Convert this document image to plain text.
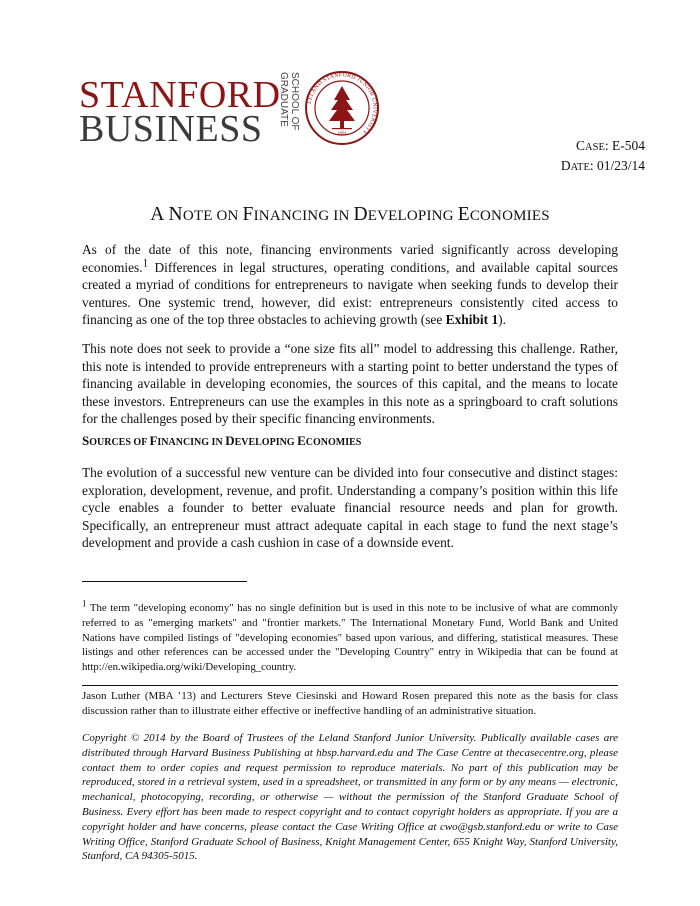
STANFORD
BUSINESS
GRADUATE SCHOOL OF LELAND STANFORD JUNIOR UNIVERSITY
1891
CASE: E-504
DATE: 01/23/14
A NOTE ON FINANCING IN DEVELOPING ECONOMIES

As of the date of this note, financing environments varied significantly across developing economies.$^1$ Differences in legal structures, operating conditions, and available capital sources created a myriad of conditions for entrepreneurs to navigate when seeking funds to develop their ventures. One systemic trend, however, did exist: entrepreneurs consistently cited access to financing as one of the top three obstacles to achieving growth (see Exhibit 1).

This note does not seek to provide a “one size fits all” model to addressing this challenge. Rather, this note is intended to provide entrepreneurs with a starting point to better understand the types of financing available in developing economies, the sources of this capital, and the means to locate these investors. Entrepreneurs can use the examples in this note as a springboard to craft solutions for the challenges posed by their specific financing environments.

SOURCES OF FINANCING IN DEVELOPING ECONOMIES

The evolution of a successful new venture can be divided into four consecutive and distinct stages: exploration, development, revenue, and profit. Understanding a company’s position within this life cycle enables a founder to better evaluate financial resource needs and plan for growth. Specifically, an entrepreneur must attract adequate capital in each stage to fund the next stage’s development and provide a cash cushion in case of a downside event.

$^1$ The term "developing economy" has no single definition but is used in this note to be inclusive of what are commonly referred to as "emerging markets" and "frontier markets." The International Monetary Fund, World Bank and United Nations have compiled listings of "developing economies" based upon various, and differing, statistical measures. These listings and other references can be accessed under the "Developing Country" entry in Wikipedia that can be found at http://en.wikipedia.org/wiki/Developing_country.

Jason Luther (MBA ’13) and Lecturers Steve Ciesinski and Howard Rosen prepared this note as the basis for class discussion rather than to illustrate either effective or ineffective handling of an administrative situation.

Copyright © 2014 by the Board of Trustees of the Leland Stanford Junior University. Publically available cases are distributed through Harvard Business Publishing at hbsp.harvard.edu and The Case Centre at thecasecentre.org, please contact them to order copies and request permission to reproduce materials. No part of this publication may be reproduced, stored in a retrieval system, used in a spreadsheet, or transmitted in any form or by any means — electronic, mechanical, photocopying, recording, or otherwise — without the permission of the Stanford Graduate School of Business. Every effort has been made to respect copyright and to contact copyright holders as appropriate. If you are a copyright holder and have concerns, please contact the Case Writing Office at cwo@gsb.stanford.edu or write to Case Writing Office, Stanford Graduate School of Business, Knight Management Center, 655 Knight Way, Stanford University, Stanford, CA 94305-5015.
